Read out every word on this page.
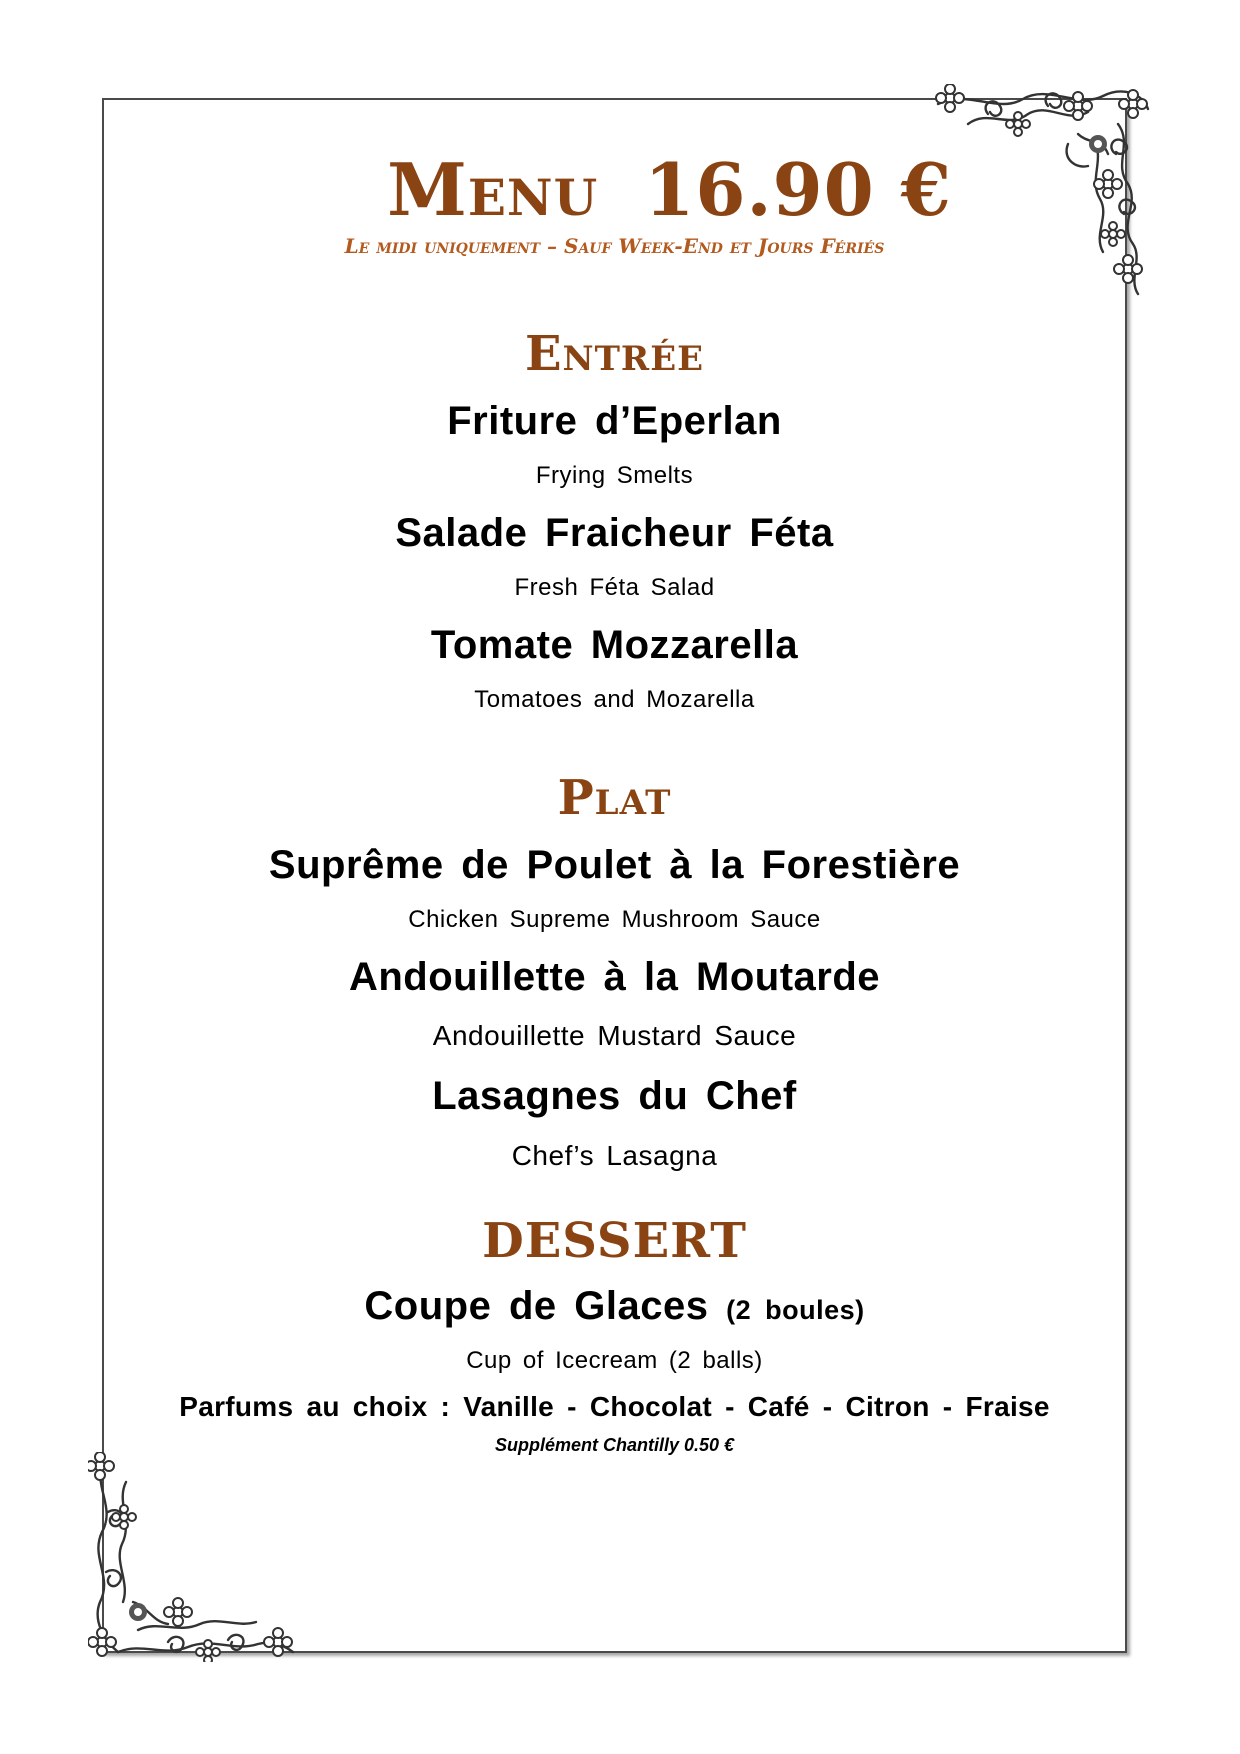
Menu 16.90 €
Le midi uniquement – Sauf Week-End et Jours Fériés
Entrée
Friture d’Eperlan
Frying Smelts
Salade Fraicheur Féta
Fresh Féta Salad
Tomate Mozzarella
Tomatoes and Mozarella
Plat
Suprême de Poulet à la Forestière
Chicken Supreme Mushroom Sauce
Andouillette à la Moutarde
Andouillette Mustard Sauce
Lasagnes du Chef
Chef’s Lasagna
DESSERT
Coupe de Glaces (2 boules)
Cup of Icecream (2 balls)
Parfums au choix : Vanille - Chocolat - Café - Citron - Fraise
Supplément Chantilly 0.50 €
